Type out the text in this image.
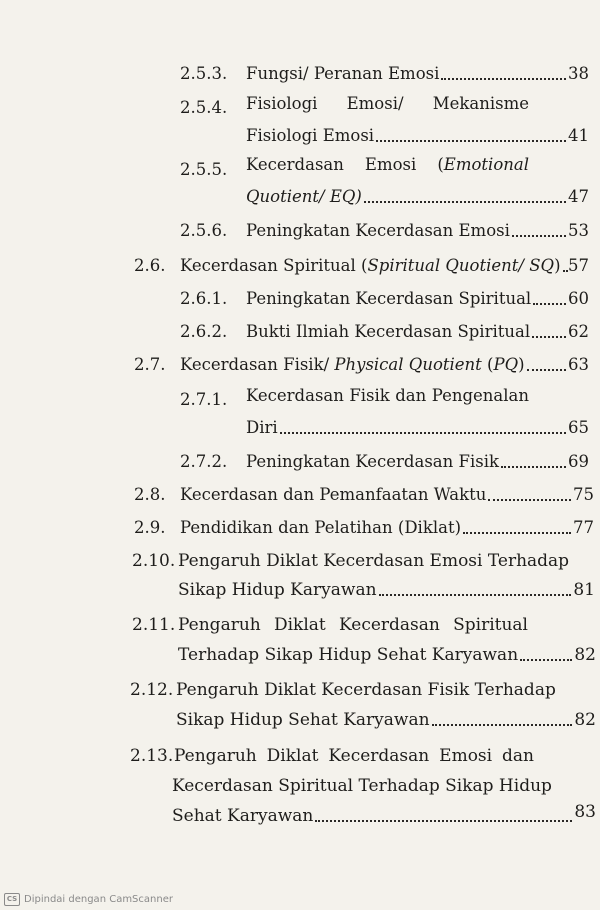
2.5.3. Fungsi/ Peranan Emosi	38
2.5.4. Fisiologi Emosi/ Mekanisme
Fisiologi Emosi	41
2.5.5. Kecerdasan Emosi (Emotional
Quotient/ EQ)	47
2.5.6. Peningkatan Kecerdasan Emosi	53
2.6. Kecerdasan Spiritual (Spiritual Quotient/ SQ) 57
2.6.1. Peningkatan Kecerdasan Spiritual 60
2.6.2. Bukti Ilmiah Kecerdasan Spiritual 62
2.7. Kecerdasan Fisik/ Physical Quotient (PQ)	63
2.7.1. Kecerdasan Fisik dan Pengenalan
Diri	65
2.7.2. Peningkatan Kecerdasan Fisik	69
2.8. Kecerdasan dan Pemanfaatan Waktu	75
2.9. Pendidikan dan Pelatihan (Diklat)	77
2.10. Pengaruh Diklat Kecerdasan Emosi Terhadap
Sikap Hidup Karyawan	81
2.11. Pengaruh Diklat Kecerdasan Spiritual
Terhadap Sikap Hidup Sehat Karyawan	82
2.12. Pengaruh Diklat Kecerdasan Fisik Terhadap
Sikap Hidup Sehat Karyawan	82
2.13. Pengaruh Diklat Kecerdasan Emosi dan
Kecerdasan Spiritual Terhadap Sikap Hidup
Sehat Karyawan	83
CS Dipindai dengan CamScanner
